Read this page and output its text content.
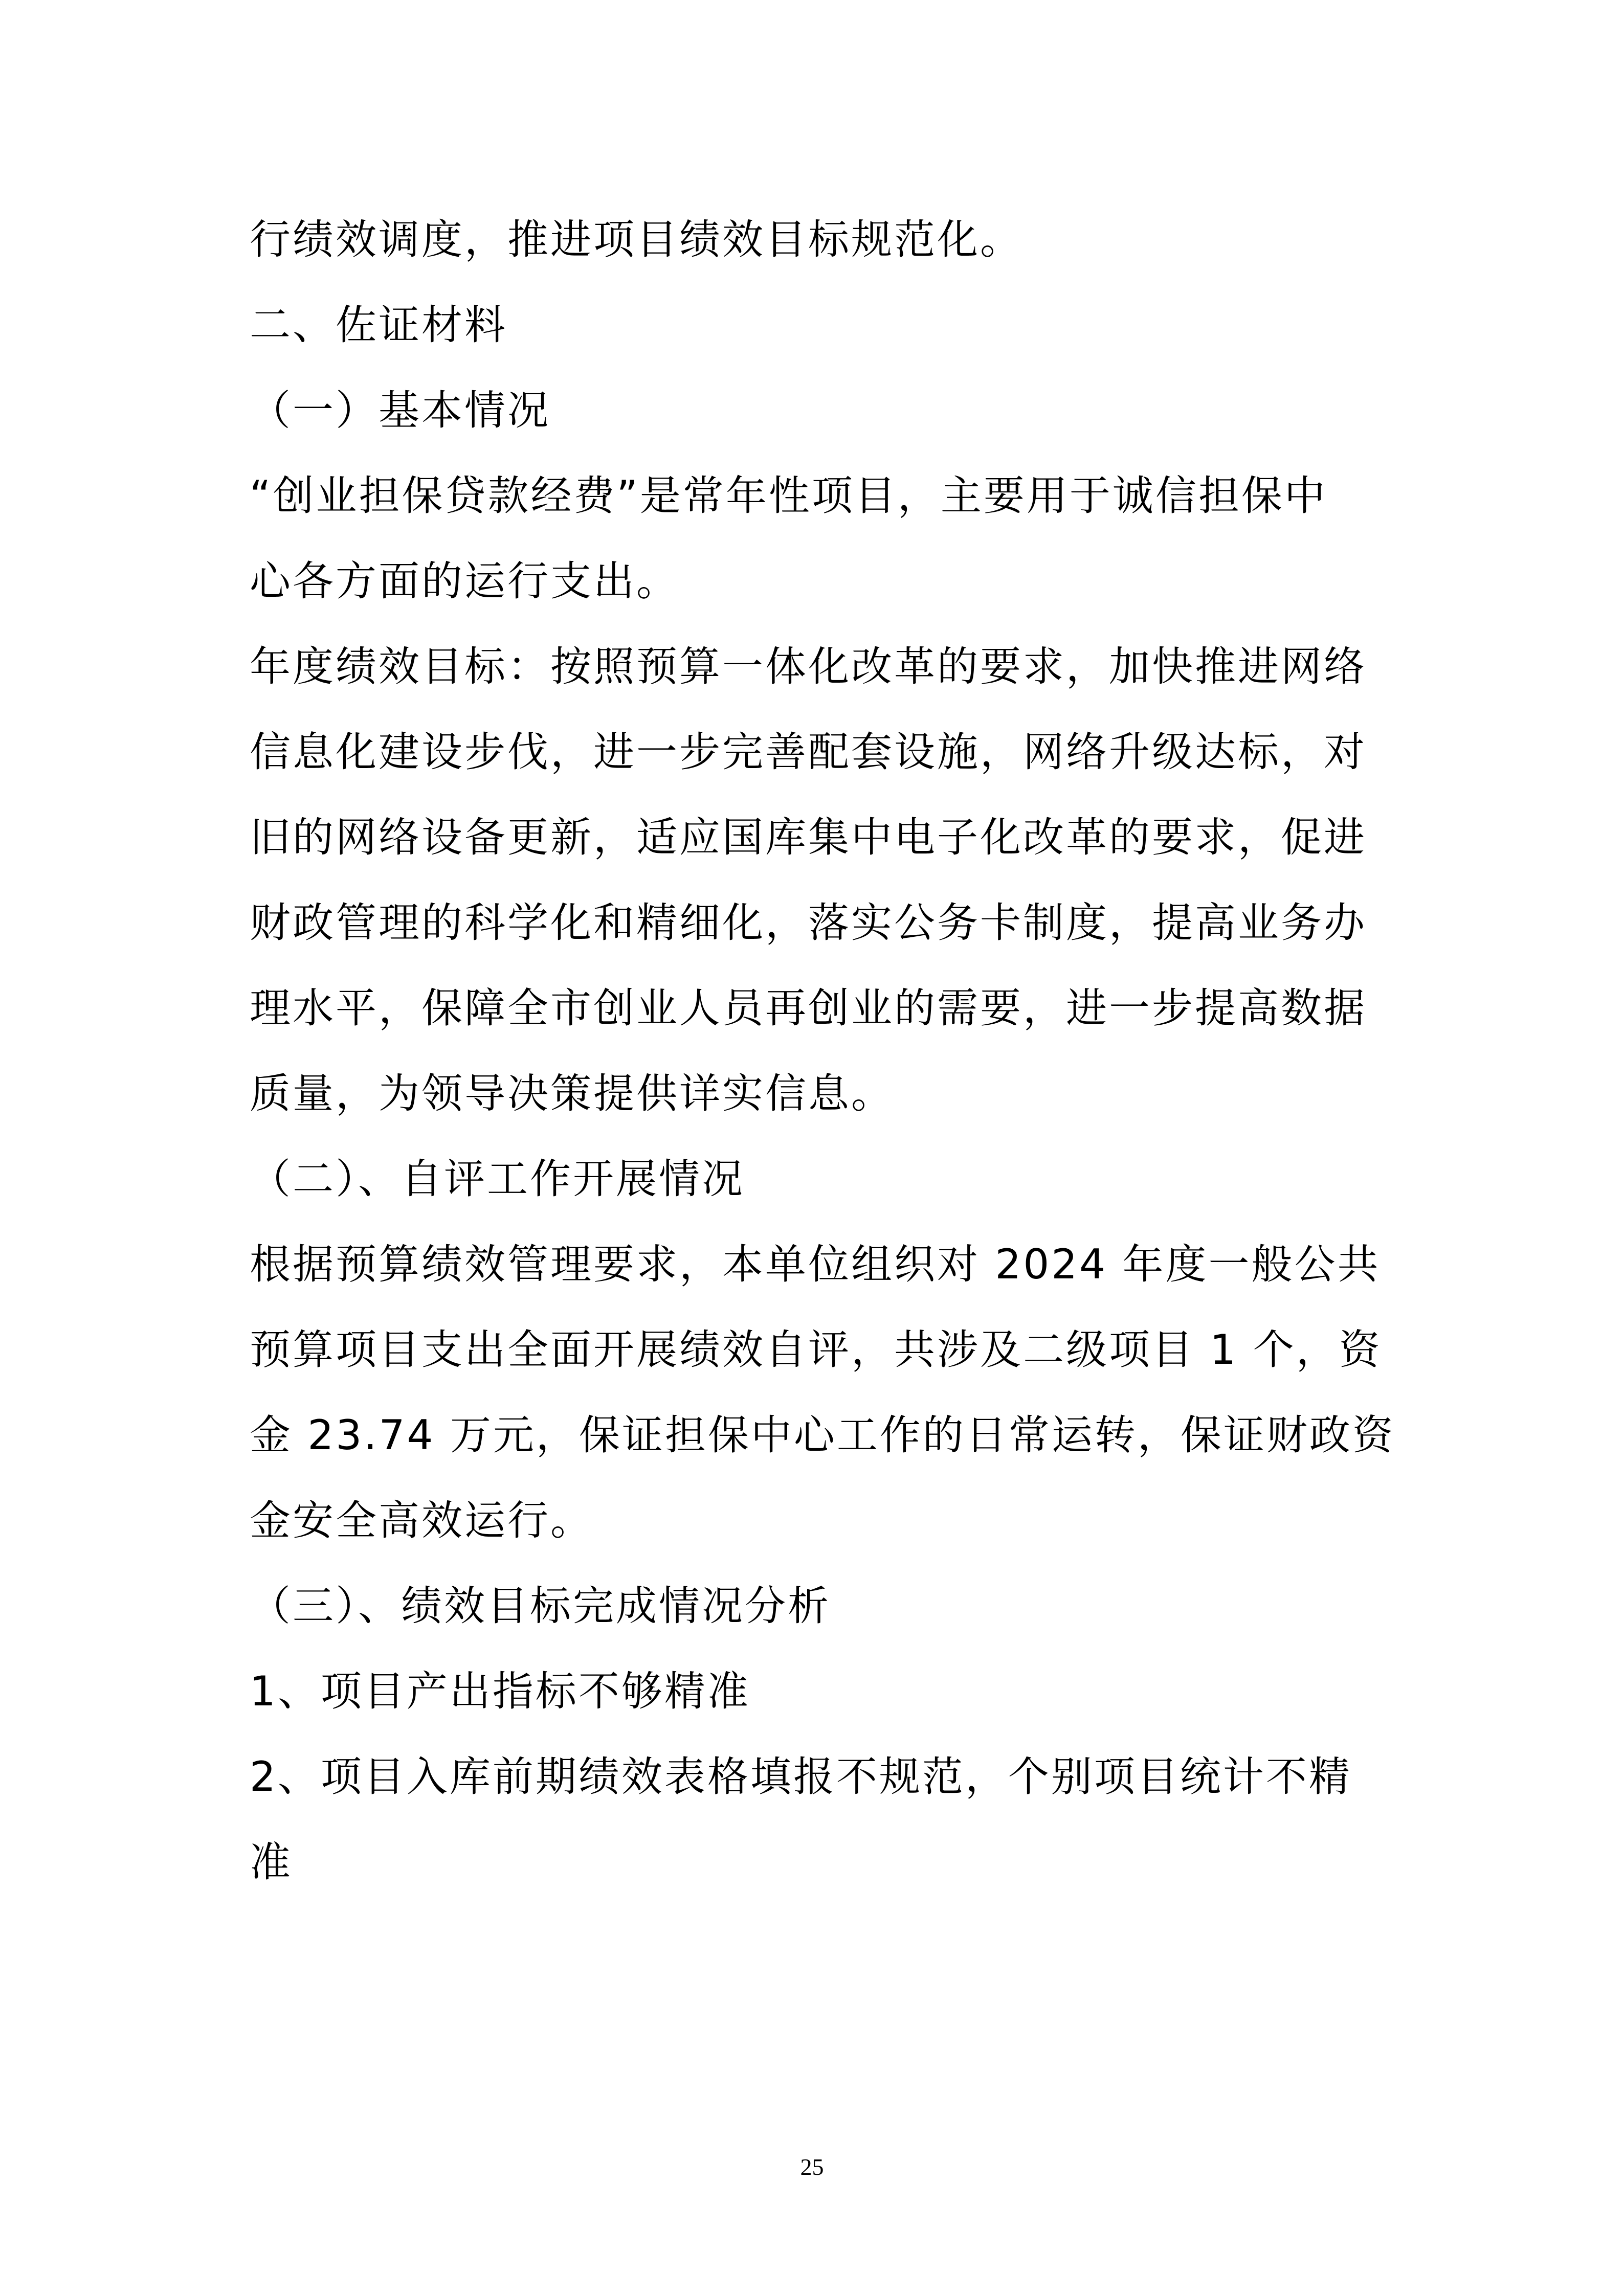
行绩效调度，推进项目绩效目标规范化。
二、佐证材料
（一）基本情况
“创业担保贷款经费”是常年性项目，主要用于诚信担保中
心各方面的运行支出。
年度绩效目标：按照预算一体化改革的要求，加快推进网络
信息化建设步伐，进一步完善配套设施，网络升级达标，对
旧的网络设备更新，适应国库集中电子化改革的要求，促进
财政管理的科学化和精细化，落实公务卡制度，提高业务办
理水平，保障全市创业人员再创业的需要，进一步提高数据
质量，为领导决策提供详实信息。
（二）、自评工作开展情况
根据预算绩效管理要求，本单位组织对 2024 年度一般公共
预算项目支出全面开展绩效自评，共涉及二级项目 1 个，资
金 23.74 万元，保证担保中心工作的日常运转，保证财政资
金安全高效运行。
（三）、绩效目标完成情况分析
1、项目产出指标不够精准
2、项目入库前期绩效表格填报不规范，个别项目统计不精
准
25
